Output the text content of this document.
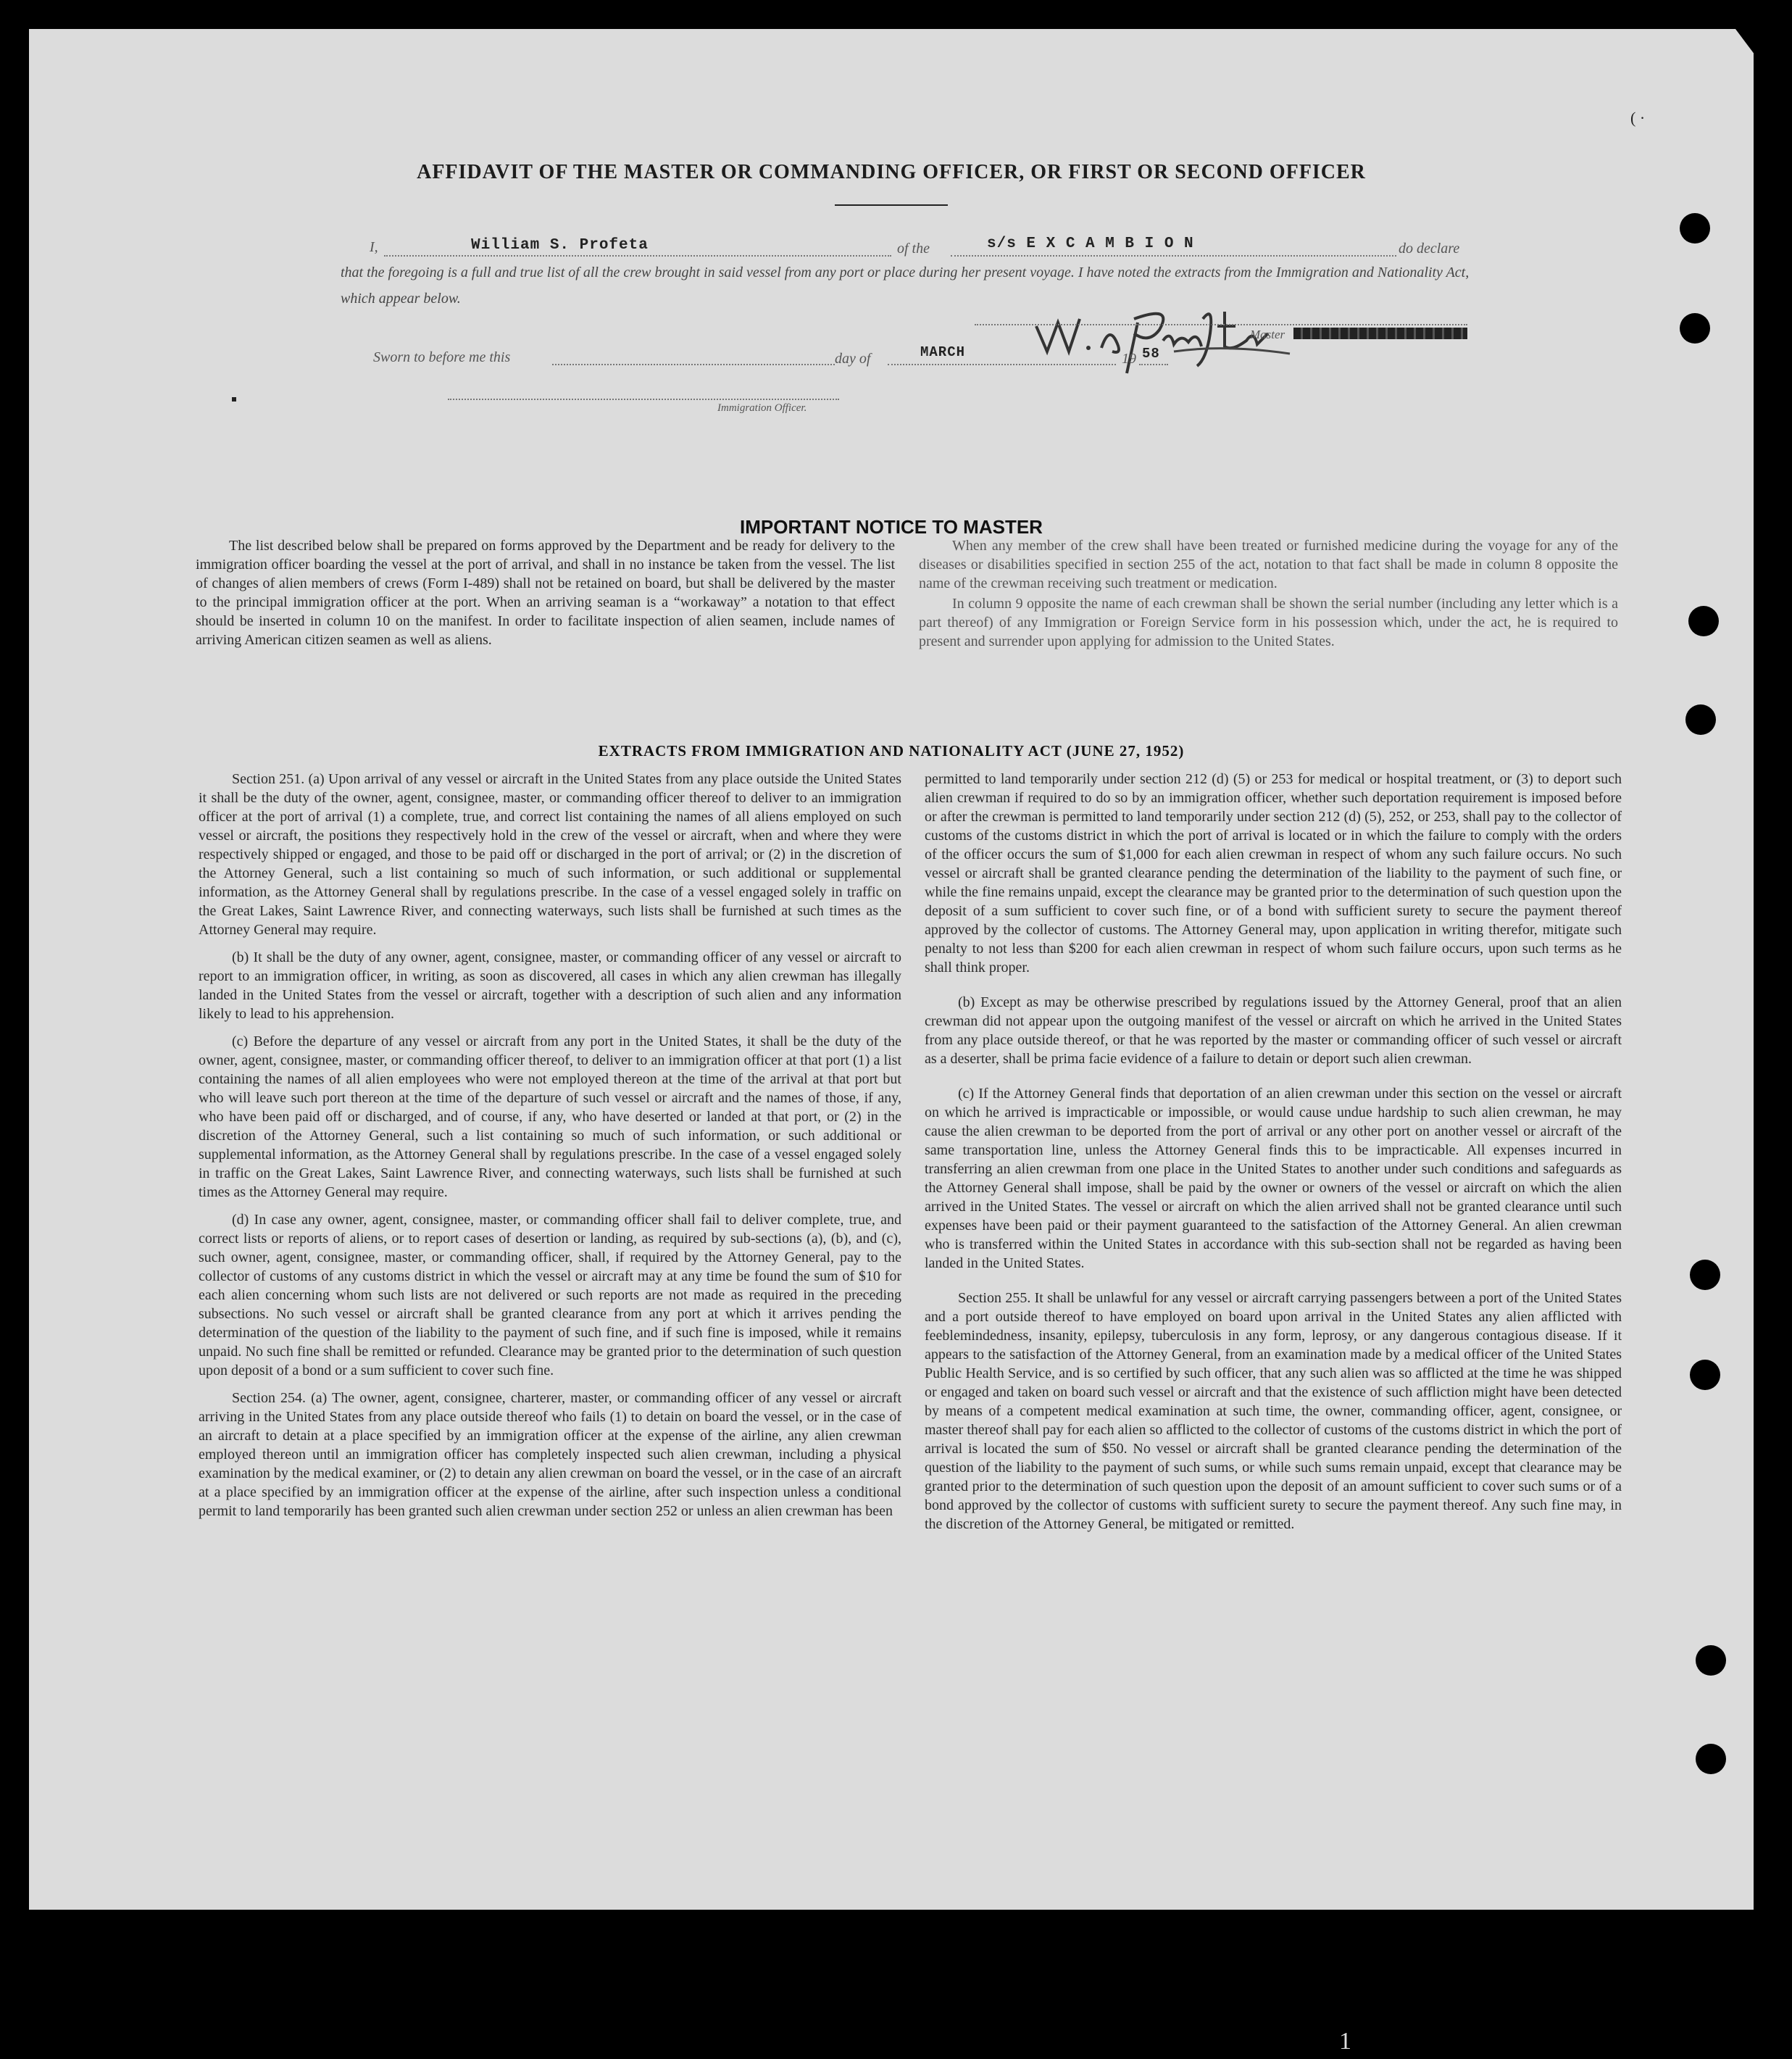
AFFIDAVIT OF THE MASTER OR COMMANDING OFFICER, OR FIRST OR SECOND OFFICER
I,	William S. Profeta	of the	s/s E X C A M B I O N	do declare
that the foregoing is a full and true list of all the crew brought in said vessel from any port or place during her present voyage. I have noted the extracts from the Immigration and Nationality Act, which appear below.
Master
Sworn to before me this	day of	MARCH	19 58
Immigration Officer.
IMPORTANT NOTICE TO MASTER

The list described below shall be prepared on forms approved by the Department and be ready for delivery to the immigration officer boarding the vessel at the port of arrival, and shall in no instance be taken from the vessel. The list of changes of alien members of crews (Form I-489) shall not be retained on board, but shall be delivered by the master to the principal immigration officer at the port. When an arriving seaman is a “workaway” a notation to that effect should be inserted in column 10 on the manifest. In order to facilitate inspection of alien seamen, include names of arriving American citizen seamen as well as aliens.

When any member of the crew shall have been treated or furnished medicine during the voyage for any of the diseases or disabilities specified in section 255 of the act, notation to that fact shall be made in column 8 opposite the name of the crewman receiving such treatment or medication.

In column 9 opposite the name of each crewman shall be shown the serial number (including any letter which is a part thereof) of any Immigration or Foreign Service form in his possession which, under the act, he is required to present and surrender upon applying for admission to the United States.

EXTRACTS FROM IMMIGRATION AND NATIONALITY ACT (JUNE 27, 1952)

Section 251. (a) Upon arrival of any vessel or aircraft in the United States from any place outside the United States it shall be the duty of the owner, agent, consignee, master, or commanding officer thereof to deliver to an immigration officer at the port of arrival (1) a complete, true, and correct list containing the names of all aliens employed on such vessel or aircraft, the positions they respectively hold in the crew of the vessel or aircraft, when and where they were respectively shipped or engaged, and those to be paid off or discharged in the port of arrival; or (2) in the discretion of the Attorney General, such a list containing so much of such information, or such additional or supplemental information, as the Attorney General shall by regulations prescribe. In the case of a vessel engaged solely in traffic on the Great Lakes, Saint Lawrence River, and connecting waterways, such lists shall be furnished at such times as the Attorney General may require.

(b) It shall be the duty of any owner, agent, consignee, master, or commanding officer of any vessel or aircraft to report to an immigration officer, in writing, as soon as discovered, all cases in which any alien crewman has illegally landed in the United States from the vessel or aircraft, together with a description of such alien and any information likely to lead to his apprehension.

(c) Before the departure of any vessel or aircraft from any port in the United States, it shall be the duty of the owner, agent, consignee, master, or commanding officer thereof, to deliver to an immigration officer at that port (1) a list containing the names of all alien employees who were not employed thereon at the time of the arrival at that port but who will leave such port thereon at the time of the departure of such vessel or aircraft and the names of those, if any, who have been paid off or discharged, and of course, if any, who have deserted or landed at that port, or (2) in the discretion of the Attorney General, such a list containing so much of such information, or such additional or supplemental information, as the Attorney General shall by regulations prescribe. In the case of a vessel engaged solely in traffic on the Great Lakes, Saint Lawrence River, and connecting waterways, such lists shall be furnished at such times as the Attorney General may require.

(d) In case any owner, agent, consignee, master, or commanding officer shall fail to deliver complete, true, and correct lists or reports of aliens, or to report cases of desertion or landing, as required by sub-sections (a), (b), and (c), such owner, agent, consignee, master, or commanding officer, shall, if required by the Attorney General, pay to the collector of customs of any customs district in which the vessel or aircraft may at any time be found the sum of $10 for each alien concerning whom such lists are not delivered or such reports are not made as required in the preceding subsections. No such vessel or aircraft shall be granted clearance from any port at which it arrives pending the determination of the question of the liability to the payment of such fine, and if such fine is imposed, while it remains unpaid. No such fine shall be remitted or refunded. Clearance may be granted prior to the determination of such question upon deposit of a bond or a sum sufficient to cover such fine.

Section 254. (a) The owner, agent, consignee, charterer, master, or commanding officer of any vessel or aircraft arriving in the United States from any place outside thereof who fails (1) to detain on board the vessel, or in the case of an aircraft to detain at a place specified by an immigration officer at the expense of the airline, any alien crewman employed thereon until an immigration officer has completely inspected such alien crewman, including a physical examination by the medical examiner, or (2) to detain any alien crewman on board the vessel, or in the case of an aircraft at a place specified by an immigration officer at the expense of the airline, after such inspection unless a conditional permit to land temporarily has been granted such alien crewman under section 252 or unless an alien crewman has been

permitted to land temporarily under section 212 (d) (5) or 253 for medical or hospital treatment, or (3) to deport such alien crewman if required to do so by an immigration officer, whether such deportation requirement is imposed before or after the crewman is permitted to land temporarily under section 212 (d) (5), 252, or 253, shall pay to the collector of customs of the customs district in which the port of arrival is located or in which the failure to comply with the orders of the officer occurs the sum of $1,000 for each alien crewman in respect of whom any such failure occurs. No such vessel or aircraft shall be granted clearance pending the determination of the liability to the payment of such fine, or while the fine remains unpaid, except the clearance may be granted prior to the determination of such question upon the deposit of a sum sufficient to cover such fine, or of a bond with sufficient surety to secure the payment thereof approved by the collector of customs. The Attorney General may, upon application in writing therefor, mitigate such penalty to not less than $200 for each alien crewman in respect of whom such failure occurs, upon such terms as he shall think proper.

(b) Except as may be otherwise prescribed by regulations issued by the Attorney General, proof that an alien crewman did not appear upon the outgoing manifest of the vessel or aircraft on which he arrived in the United States from any place outside thereof, or that he was reported by the master or commanding officer of such vessel or aircraft as a deserter, shall be prima facie evidence of a failure to detain or deport such alien crewman.

(c) If the Attorney General finds that deportation of an alien crewman under this section on the vessel or aircraft on which he arrived is impracticable or impossible, or would cause undue hardship to such alien crewman, he may cause the alien crewman to be deported from the port of arrival or any other port on another vessel or aircraft of the same transportation line, unless the Attorney General finds this to be impracticable. All expenses incurred in transferring an alien crewman from one place in the United States to another under such conditions and safeguards as the Attorney General shall impose, shall be paid by the owner or owners of the vessel or aircraft on which the alien arrived in the United States. The vessel or aircraft on which the alien arrived shall not be granted clearance until such expenses have been paid or their payment guaranteed to the satisfaction of the Attorney General. An alien crewman who is transferred within the United States in accordance with this sub-section shall not be regarded as having been landed in the United States.

Section 255. It shall be unlawful for any vessel or aircraft carrying passengers between a port of the United States and a port outside thereof to have employed on board upon arrival in the United States any alien afflicted with feeblemindedness, insanity, epilepsy, tuberculosis in any form, leprosy, or any dangerous contagious disease. If it appears to the satisfaction of the Attorney General, from an examination made by a medical officer of the United States Public Health Service, and is so certified by such officer, that any such alien was so afflicted at the time he was shipped or engaged and taken on board such vessel or aircraft and that the existence of such affliction might have been detected by means of a competent medical examination at such time, the owner, commanding officer, agent, consignee, or master thereof shall pay for each alien so afflicted to the collector of customs of the customs district in which the port of arrival is located the sum of $50. No vessel or aircraft shall be granted clearance pending the determination of the question of the liability to the payment of such sums, or while such sums remain unpaid, except that clearance may be granted prior to the determination of such question upon the deposit of an amount sufficient to cover such sums or of a bond approved by the collector of customs with sufficient surety to secure the payment thereof. Any such fine may, in the discretion of the Attorney General, be mitigated or remitted.

( ·
1
